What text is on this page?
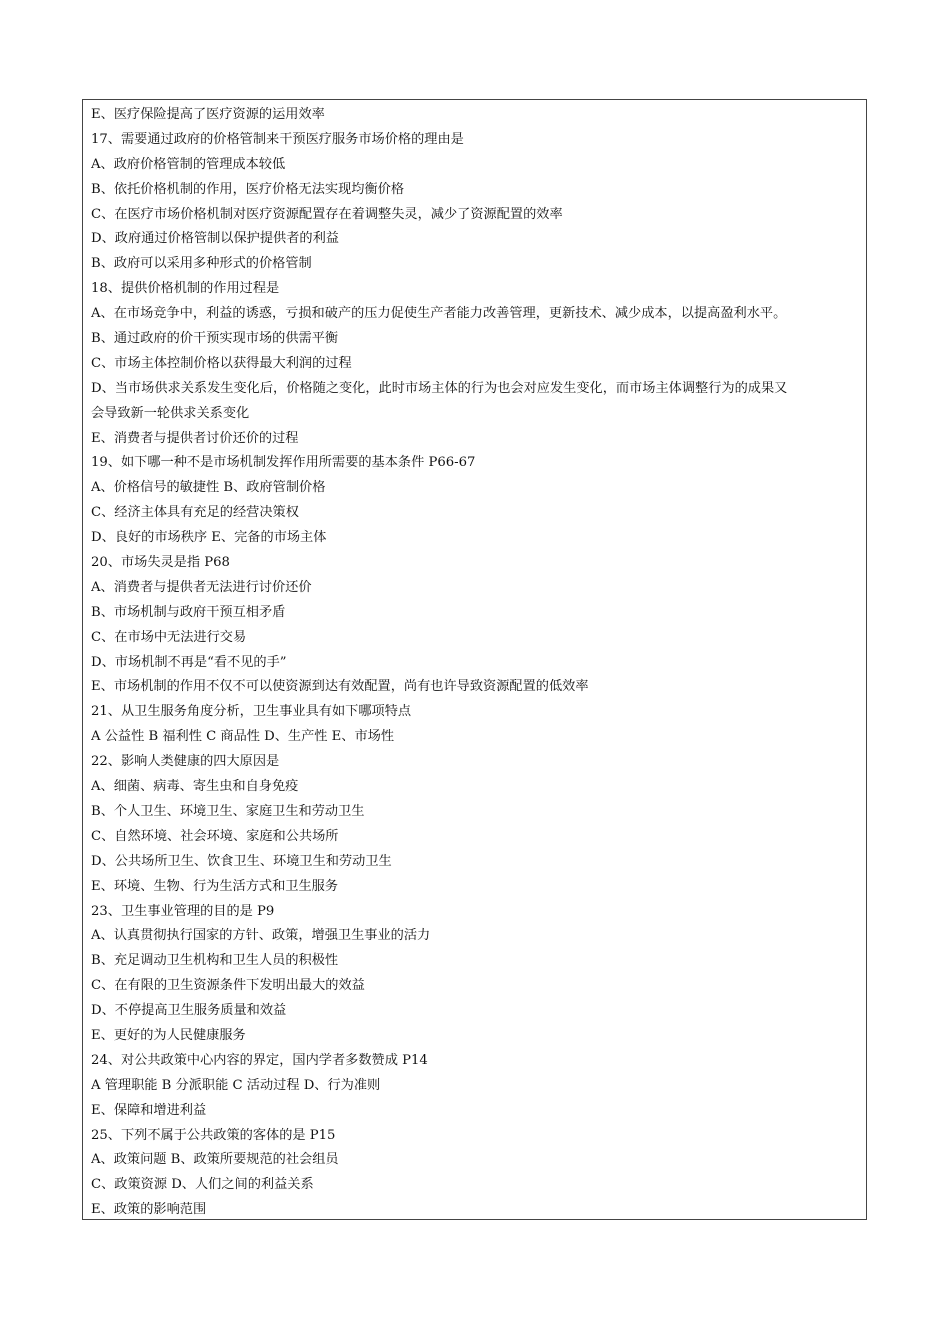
E、医疗保险提高了医疗资源的运用效率
17、需要通过政府的价格管制来干预医疗服务市场价格的理由是
A、政府价格管制的管理成本较低
B、依托价格机制的作用，医疗价格无法实现均衡价格
C、在医疗市场价格机制对医疗资源配置存在着调整失灵，减少了资源配置的效率
D、政府通过价格管制以保护提供者的利益
B、政府可以采用多种形式的价格管制
18、提供价格机制的作用过程是
A、在市场竞争中，利益的诱惑，亏损和破产的压力促使生产者能力改善管理，更新技术、减少成本，以提高盈利水平。
B、通过政府的价干预实现市场的供需平衡
C、市场主体控制价格以获得最大利润的过程
D、当市场供求关系发生变化后，价格随之变化，此时市场主体的行为也会对应发生变化，而市场主体调整行为的成果又
会导致新一轮供求关系变化
E、消费者与提供者讨价还价的过程
19、如下哪一种不是市场机制发挥作用所需要的基本条件 P66-67
A、价格信号的敏捷性 B、政府管制价格
C、经济主体具有充足的经营决策权
D、良好的市场秩序 E、完备的市场主体
20、市场失灵是指 P68
A、消费者与提供者无法进行讨价还价
B、市场机制与政府干预互相矛盾
C、在市场中无法进行交易
D、市场机制不再是“看不见的手”
E、市场机制的作用不仅不可以使资源到达有效配置，尚有也许导致资源配置的低效率
21、从卫生服务角度分析，卫生事业具有如下哪项特点
A 公益性 B 福利性 C 商品性 D、生产性 E、市场性
22、影响人类健康的四大原因是
A、细菌、病毒、寄生虫和自身免疫
B、个人卫生、环境卫生、家庭卫生和劳动卫生
C、自然环境、社会环境、家庭和公共场所
D、公共场所卫生、饮食卫生、环境卫生和劳动卫生
E、环境、生物、行为生活方式和卫生服务
23、卫生事业管理的目的是 P9
A、认真贯彻执行国家的方针、政策，增强卫生事业的活力
B、充足调动卫生机构和卫生人员的积极性
C、在有限的卫生资源条件下发明出最大的效益
D、不停提高卫生服务质量和效益
E、更好的为人民健康服务
24、对公共政策中心内容的界定，国内学者多数赞成 P14
A 管理职能 B 分派职能 C 活动过程 D、行为准则
E、保障和增进利益
25、下列不属于公共政策的客体的是 P15
A、政策问题 B、政策所要规范的社会组员
C、政策资源 D、人们之间的利益关系
E、政策的影响范围
